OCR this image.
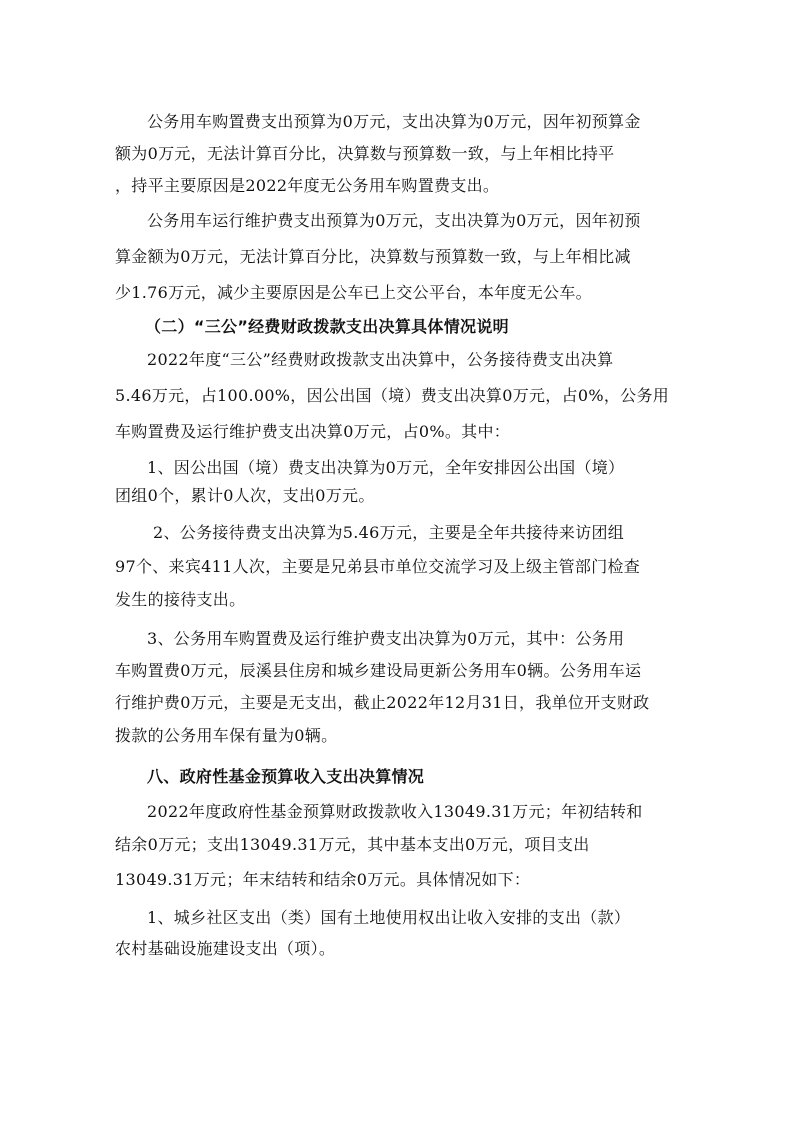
公务用车购置费支出预算为0万元，支出决算为0万元，因年初预算金
额为0万元，无法计算百分比，决算数与预算数一致，与上年相比持平
，持平主要原因是2022年度无公务用车购置费支出。
公务用车运行维护费支出预算为0万元，支出决算为0万元，因年初预
算金额为0万元，无法计算百分比，决算数与预算数一致，与上年相比减
少1.76万元，减少主要原因是公车已上交公平台，本年度无公车。
（二）“三公”经费财政拨款支出决算具体情况说明
2022年度“三公”经费财政拨款支出决算中，公务接待费支出决算
5.46万元，占100.00%，因公出国（境）费支出决算0万元，占0%，公务用
车购置费及运行维护费支出决算0万元，占0%。其中：
1、因公出国（境）费支出决算为0万元，全年安排因公出国（境）
团组0个，累计0人次，支出0万元。
2、公务接待费支出决算为5.46万元，主要是全年共接待来访团组
97个、来宾411人次，主要是兄弟县市单位交流学习及上级主管部门检查
发生的接待支出。
3、公务用车购置费及运行维护费支出决算为0万元，其中：公务用
车购置费0万元，辰溪县住房和城乡建设局更新公务用车0辆。公务用车运
行维护费0万元，主要是无支出，截止2022年12月31日，我单位开支财政
拨款的公务用车保有量为0辆。
八、政府性基金预算收入支出决算情况
2022年度政府性基金预算财政拨款收入13049.31万元；年初结转和
结余0万元；支出13049.31万元，其中基本支出0万元，项目支出
13049.31万元；年末结转和结余0万元。具体情况如下：
1、城乡社区支出（类）国有土地使用权出让收入安排的支出（款）
农村基础设施建设支出（项）。
